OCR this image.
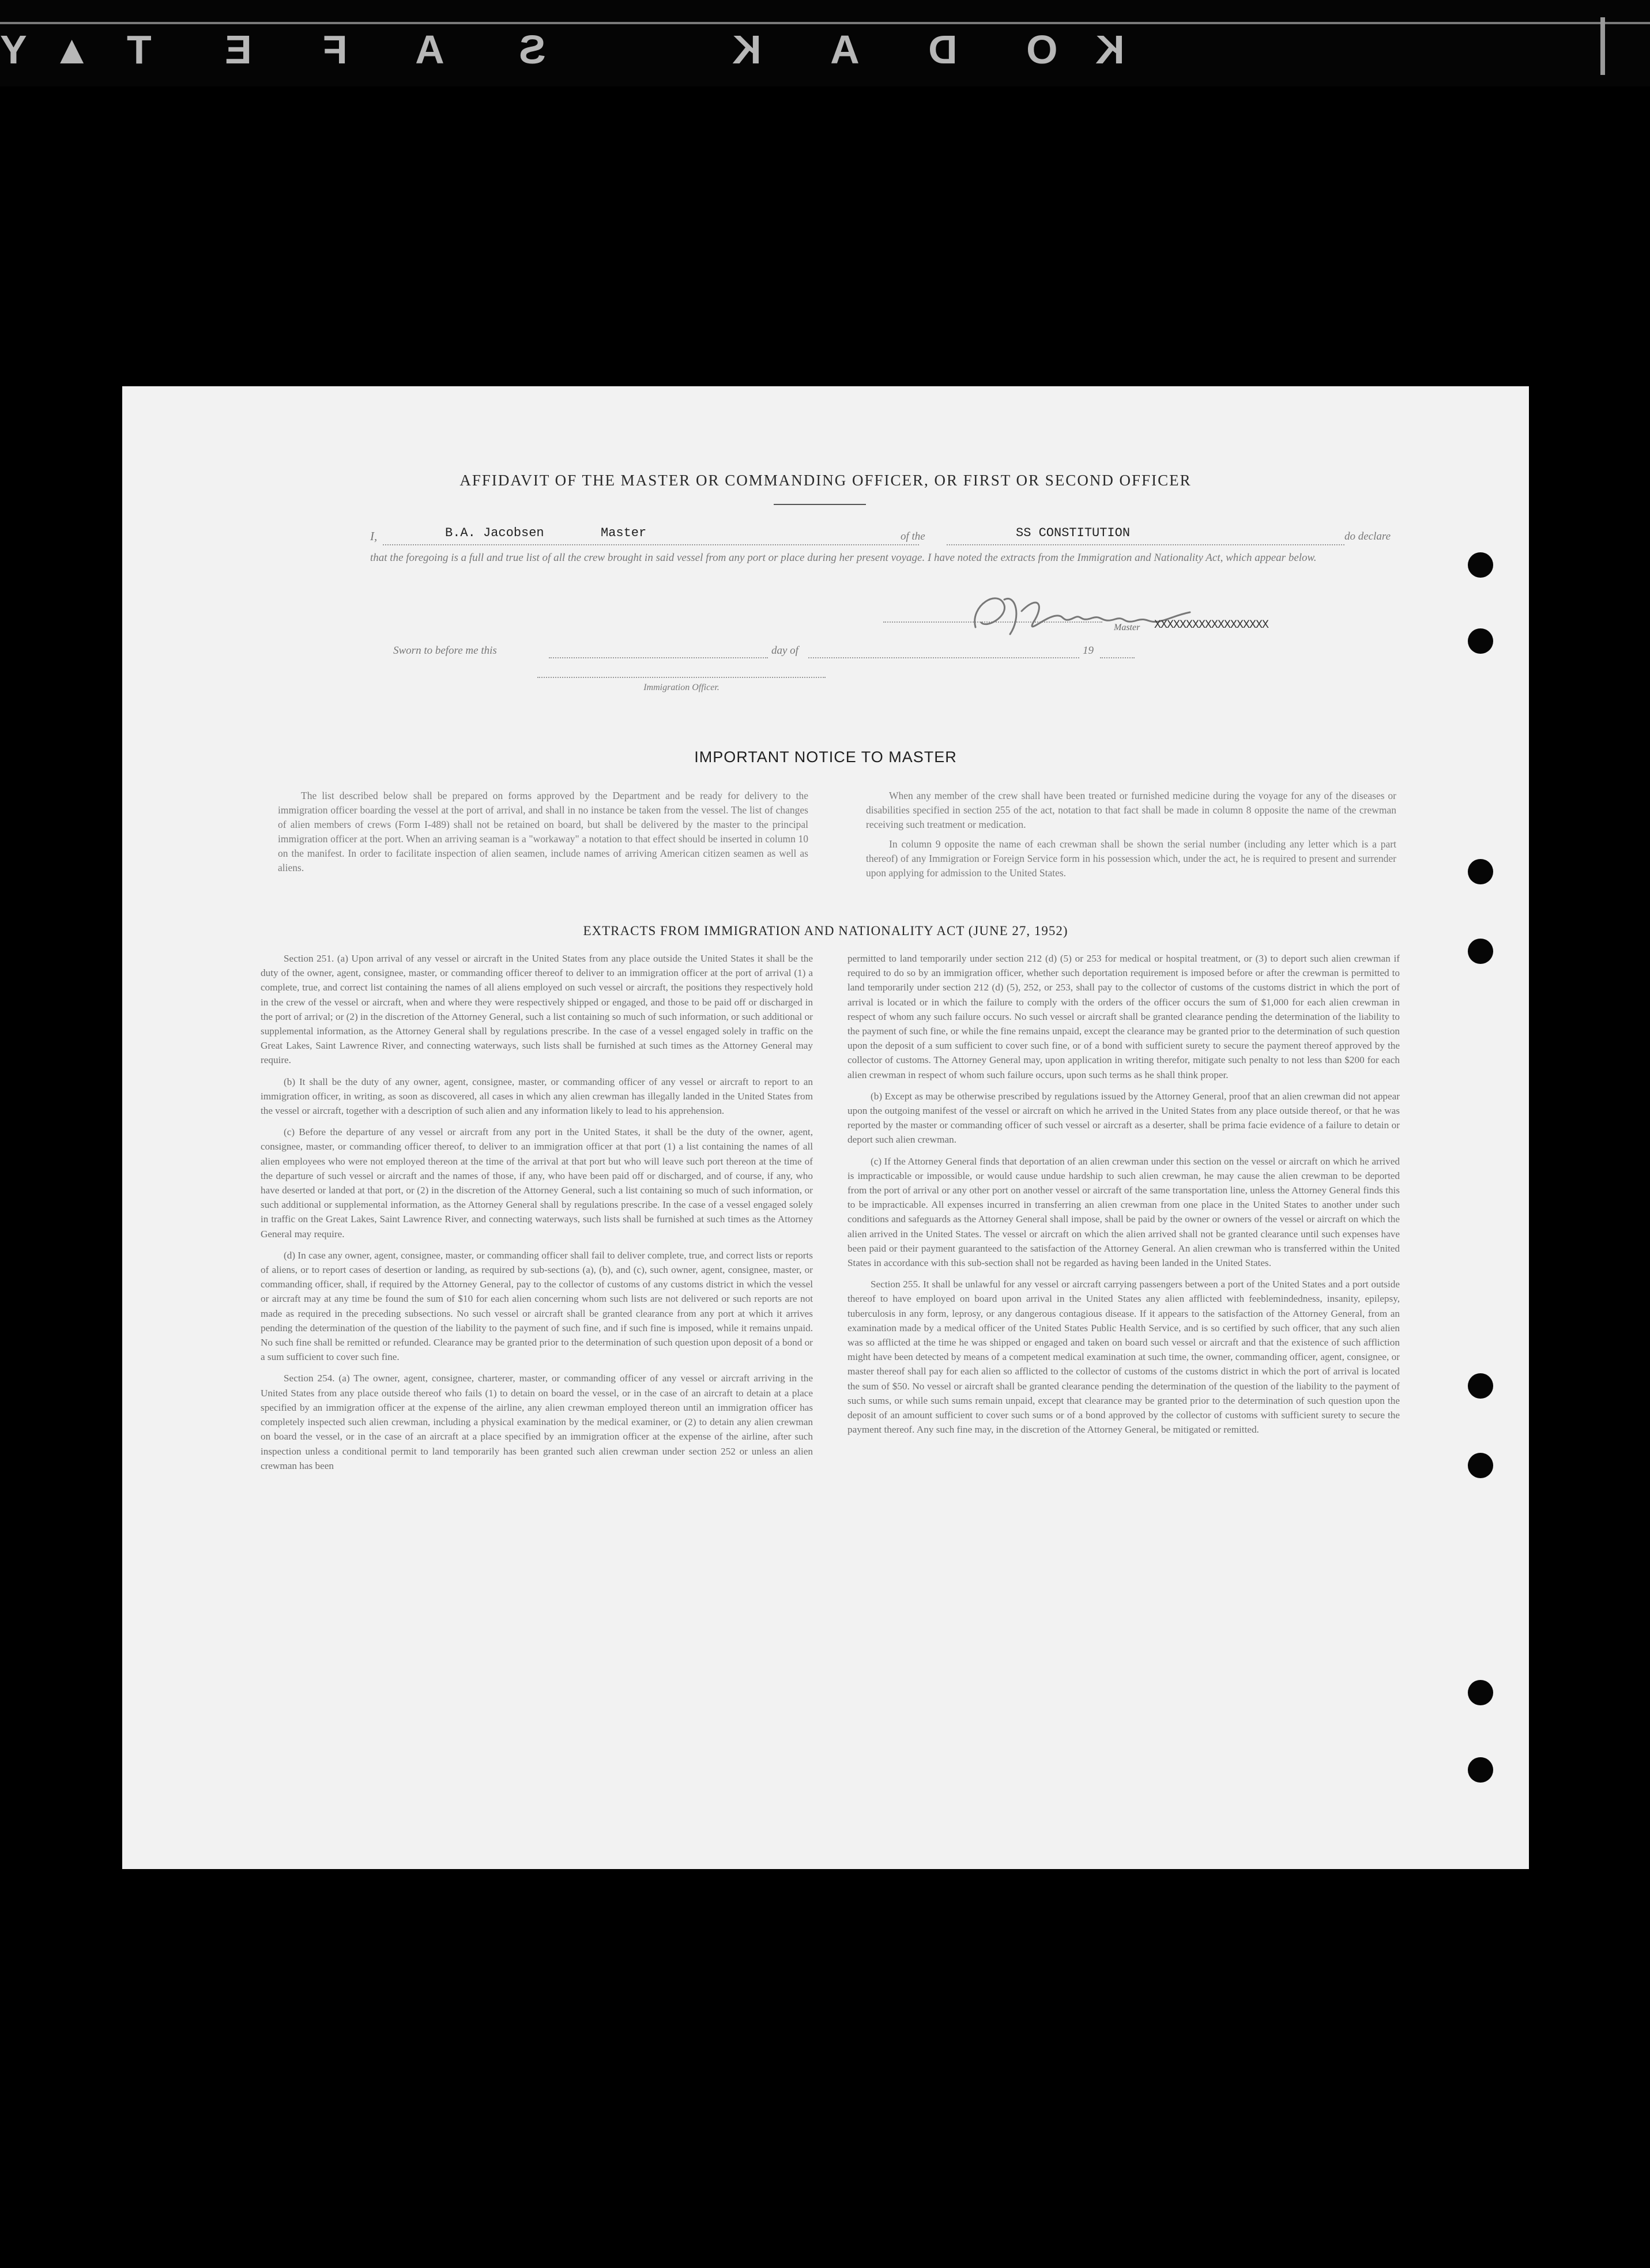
Y ▲ T E F A S	K A D O K
AFFIDAVIT OF THE MASTER OR COMMANDING OFFICER, OR FIRST OR SECOND OFFICER
I,	B.A. Jacobsen	Master	of the	SS CONSTITUTION	do declare
that the foregoing is a full and true list of all the crew brought in said vessel from any port or place during her present voyage. I have noted the extracts from the Immigration and Nationality Act, which appear below.
Master XXXXXXXXXXXXXXXXXX
Sworn to before me this	day of	19
Immigration Officer.
IMPORTANT NOTICE TO MASTER

The list described below shall be prepared on forms approved by the Department and be ready for delivery to the immigration officer boarding the vessel at the port of arrival, and shall in no instance be taken from the vessel. The list of changes of alien members of crews (Form I-489) shall not be retained on board, but shall be delivered by the master to the principal immigration officer at the port. When an arriving seaman is a "workaway" a notation to that effect should be inserted in column 10 on the manifest. In order to facilitate inspection of alien seamen, include names of arriving American citizen seamen as well as aliens.

When any member of the crew shall have been treated or furnished medicine during the voyage for any of the diseases or disabilities specified in section 255 of the act, notation to that fact shall be made in column 8 opposite the name of the crewman receiving such treatment or medication.

In column 9 opposite the name of each crewman shall be shown the serial number (including any letter which is a part thereof) of any Immigration or Foreign Service form in his possession which, under the act, he is required to present and surrender upon applying for admission to the United States.

EXTRACTS FROM IMMIGRATION AND NATIONALITY ACT (JUNE 27, 1952)

Section 251. (a) Upon arrival of any vessel or aircraft in the United States from any place outside the United States it shall be the duty of the owner, agent, consignee, master, or commanding officer thereof to deliver to an immigration officer at the port of arrival (1) a complete, true, and correct list containing the names of all aliens employed on such vessel or aircraft, the positions they respectively hold in the crew of the vessel or aircraft, when and where they were respectively shipped or engaged, and those to be paid off or discharged in the port of arrival; or (2) in the discretion of the Attorney General, such a list containing so much of such information, or such additional or supplemental information, as the Attorney General shall by regulations prescribe. In the case of a vessel engaged solely in traffic on the Great Lakes, Saint Lawrence River, and connecting waterways, such lists shall be furnished at such times as the Attorney General may require.

(b) It shall be the duty of any owner, agent, consignee, master, or commanding officer of any vessel or aircraft to report to an immigration officer, in writing, as soon as discovered, all cases in which any alien crewman has illegally landed in the United States from the vessel or aircraft, together with a description of such alien and any information likely to lead to his apprehension.

(c) Before the departure of any vessel or aircraft from any port in the United States, it shall be the duty of the owner, agent, consignee, master, or commanding officer thereof, to deliver to an immigration officer at that port (1) a list containing the names of all alien employees who were not employed thereon at the time of the arrival at that port but who will leave such port thereon at the time of the departure of such vessel or aircraft and the names of those, if any, who have been paid off or discharged, and of course, if any, who have deserted or landed at that port, or (2) in the discretion of the Attorney General, such a list containing so much of such information, or such additional or supplemental information, as the Attorney General shall by regulations prescribe. In the case of a vessel engaged solely in traffic on the Great Lakes, Saint Lawrence River, and connecting waterways, such lists shall be furnished at such times as the Attorney General may require.

(d) In case any owner, agent, consignee, master, or commanding officer shall fail to deliver complete, true, and correct lists or reports of aliens, or to report cases of desertion or landing, as required by sub-sections (a), (b), and (c), such owner, agent, consignee, master, or commanding officer, shall, if required by the Attorney General, pay to the collector of customs of any customs district in which the vessel or aircraft may at any time be found the sum of $10 for each alien concerning whom such lists are not delivered or such reports are not made as required in the preceding subsections. No such vessel or aircraft shall be granted clearance from any port at which it arrives pending the determination of the question of the liability to the payment of such fine, and if such fine is imposed, while it remains unpaid. No such fine shall be remitted or refunded. Clearance may be granted prior to the determination of such question upon deposit of a bond or a sum sufficient to cover such fine.

Section 254. (a) The owner, agent, consignee, charterer, master, or commanding officer of any vessel or aircraft arriving in the United States from any place outside thereof who fails (1) to detain on board the vessel, or in the case of an aircraft to detain at a place specified by an immigration officer at the expense of the airline, any alien crewman employed thereon until an immigration officer has completely inspected such alien crewman, including a physical examination by the medical examiner, or (2) to detain any alien crewman on board the vessel, or in the case of an aircraft at a place specified by an immigration officer at the expense of the airline, after such inspection unless a conditional permit to land temporarily has been granted such alien crewman under section 252 or unless an alien crewman has been

permitted to land temporarily under section 212 (d) (5) or 253 for medical or hospital treatment, or (3) to deport such alien crewman if required to do so by an immigration officer, whether such deportation requirement is imposed before or after the crewman is permitted to land temporarily under section 212 (d) (5), 252, or 253, shall pay to the collector of customs of the customs district in which the port of arrival is located or in which the failure to comply with the orders of the officer occurs the sum of $1,000 for each alien crewman in respect of whom any such failure occurs. No such vessel or aircraft shall be granted clearance pending the determination of the liability to the payment of such fine, or while the fine remains unpaid, except the clearance may be granted prior to the determination of such question upon the deposit of a sum sufficient to cover such fine, or of a bond with sufficient surety to secure the payment thereof approved by the collector of customs. The Attorney General may, upon application in writing therefor, mitigate such penalty to not less than $200 for each alien crewman in respect of whom such failure occurs, upon such terms as he shall think proper.

(b) Except as may be otherwise prescribed by regulations issued by the Attorney General, proof that an alien crewman did not appear upon the outgoing manifest of the vessel or aircraft on which he arrived in the United States from any place outside thereof, or that he was reported by the master or commanding officer of such vessel or aircraft as a deserter, shall be prima facie evidence of a failure to detain or deport such alien crewman.

(c) If the Attorney General finds that deportation of an alien crewman under this section on the vessel or aircraft on which he arrived is impracticable or impossible, or would cause undue hardship to such alien crewman, he may cause the alien crewman to be deported from the port of arrival or any other port on another vessel or aircraft of the same transportation line, unless the Attorney General finds this to be impracticable. All expenses incurred in transferring an alien crewman from one place in the United States to another under such conditions and safeguards as the Attorney General shall impose, shall be paid by the owner or owners of the vessel or aircraft on which the alien arrived in the United States. The vessel or aircraft on which the alien arrived shall not be granted clearance until such expenses have been paid or their payment guaranteed to the satisfaction of the Attorney General. An alien crewman who is transferred within the United States in accordance with this sub-section shall not be regarded as having been landed in the United States.

Section 255. It shall be unlawful for any vessel or aircraft carrying passengers between a port of the United States and a port outside thereof to have employed on board upon arrival in the United States any alien afflicted with feeblemindedness, insanity, epilepsy, tuberculosis in any form, leprosy, or any dangerous contagious disease. If it appears to the satisfaction of the Attorney General, from an examination made by a medical officer of the United States Public Health Service, and is so certified by such officer, that any such alien was so afflicted at the time he was shipped or engaged and taken on board such vessel or aircraft and that the existence of such affliction might have been detected by means of a competent medical examination at such time, the owner, commanding officer, agent, consignee, or master thereof shall pay for each alien so afflicted to the collector of customs of the customs district in which the port of arrival is located the sum of $50. No vessel or aircraft shall be granted clearance pending the determination of the question of the liability to the payment of such sums, or while such sums remain unpaid, except that clearance may be granted prior to the determination of such question upon the deposit of an amount sufficient to cover such sums or of a bond approved by the collector of customs with sufficient surety to secure the payment thereof. Any such fine may, in the discretion of the Attorney General, be mitigated or remitted.
